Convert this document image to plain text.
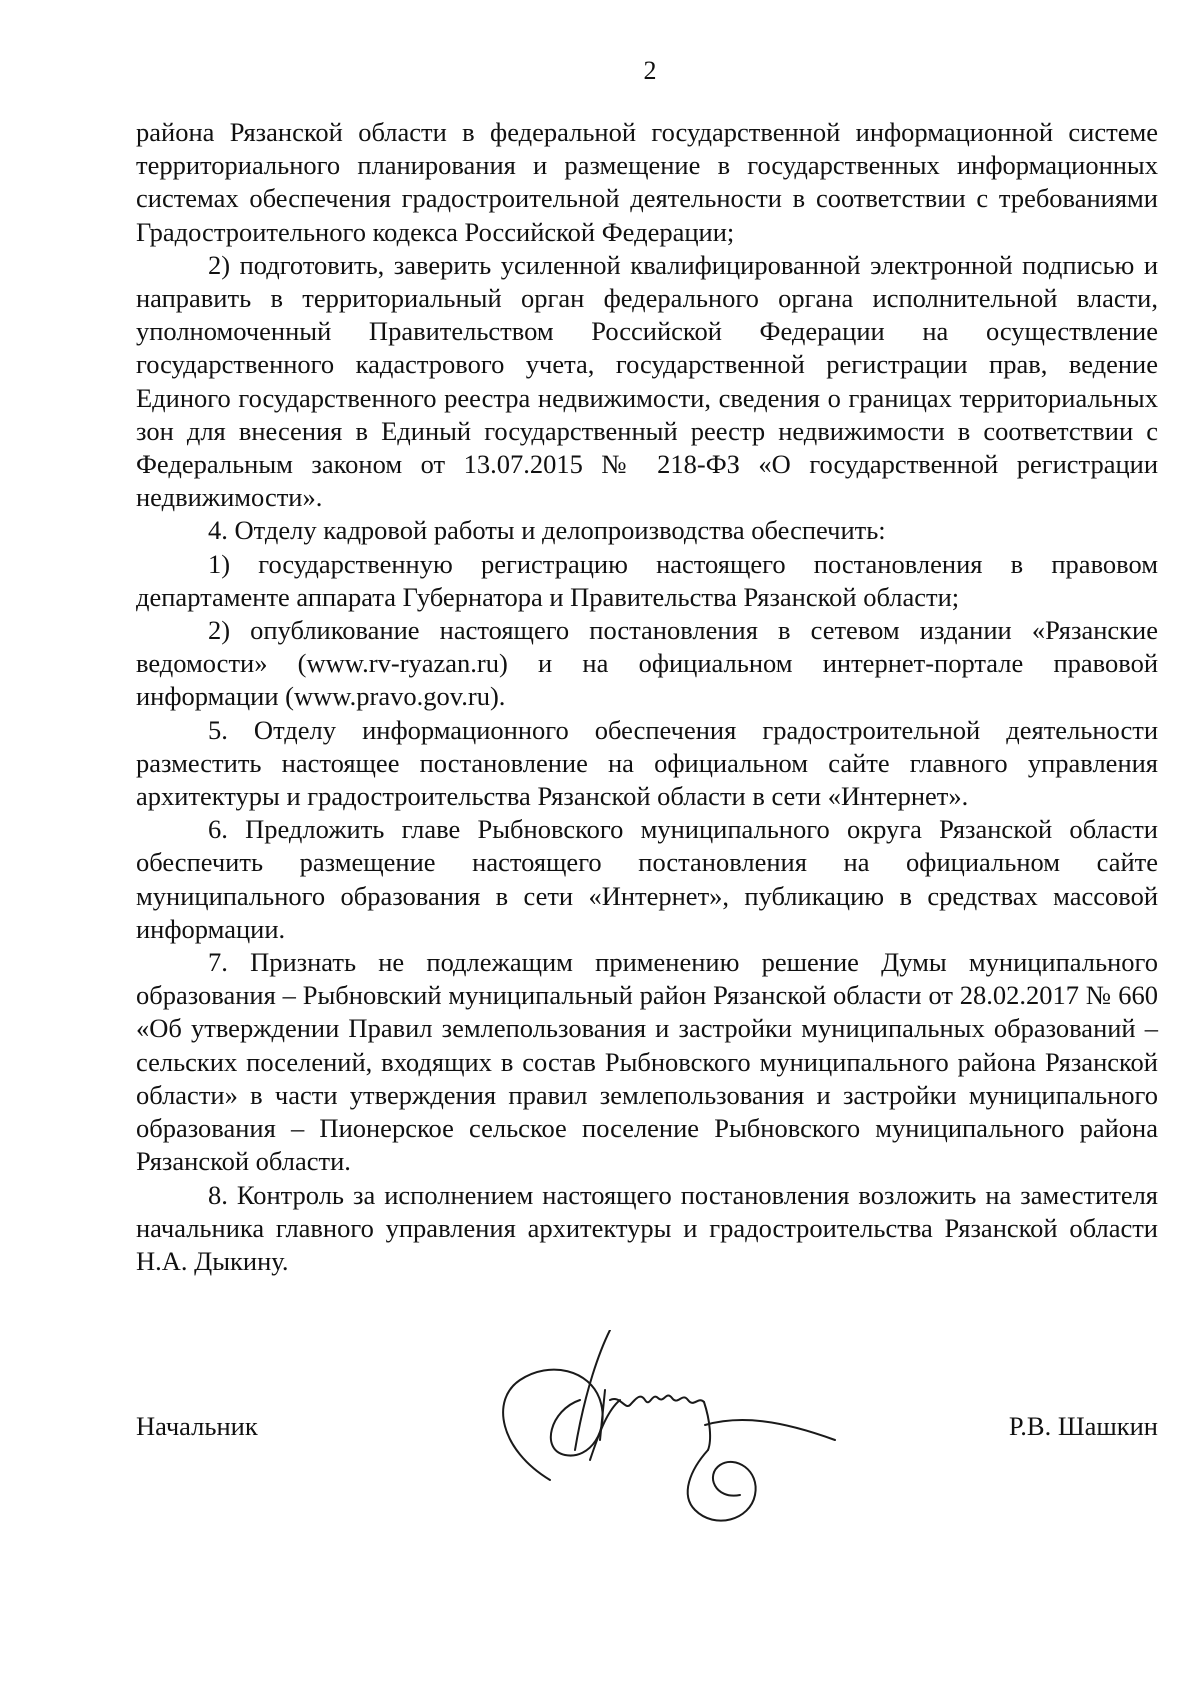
2

района Рязанской области в федеральной государственной информационной системе территориального планирования и размещение в государственных информационных системах обеспечения градостроительной деятельности в соответствии с требованиями Градостроительного кодекса Российской Федерации;

2) подготовить, заверить усиленной квалифицированной электронной подписью и направить в территориальный орган федерального органа исполнительной власти, уполномоченный Правительством Российской Федерации на осуществление государственного кадастрового учета, государственной регистрации прав, ведение Единого государственного реестра недвижимости, сведения о границах территориальных зон для внесения в Единый государственный реестр недвижимости в соответствии с Федеральным законом от 13.07.2015 № 218-ФЗ «О государственной регистрации недвижимости».

4. Отделу кадровой работы и делопроизводства обеспечить:

1) государственную регистрацию настоящего постановления в правовом департаменте аппарата Губернатора и Правительства Рязанской области;

2) опубликование настоящего постановления в сетевом издании «Рязанские ведомости» (www.rv-ryazan.ru) и на официальном интернет-портале правовой информации (www.pravo.gov.ru).

5. Отделу информационного обеспечения градостроительной деятельности разместить настоящее постановление на официальном сайте главного управления архитектуры и градостроительства Рязанской области в сети «Интернет».

6. Предложить главе Рыбновского муниципального округа Рязанской области обеспечить размещение настоящего постановления на официальном сайте муниципального образования в сети «Интернет», публикацию в средствах массовой информации.

7. Признать не подлежащим применению решение Думы муниципального образования – Рыбновский муниципальный район Рязанской области от 28.02.2017 № 660 «Об утверждении Правил землепользования и застройки муниципальных образований – сельских поселений, входящих в состав Рыбновского муниципального района Рязанской области» в части утверждения правил землепользования и застройки муниципального образования – Пионерское сельское поселение Рыбновского муниципального района Рязанской области.

8. Контроль за исполнением настоящего постановления возложить на заместителя начальника главного управления архитектуры и градостроительства Рязанской области Н.А. Дыкину.

Начальник	Р.В. Шашкин
